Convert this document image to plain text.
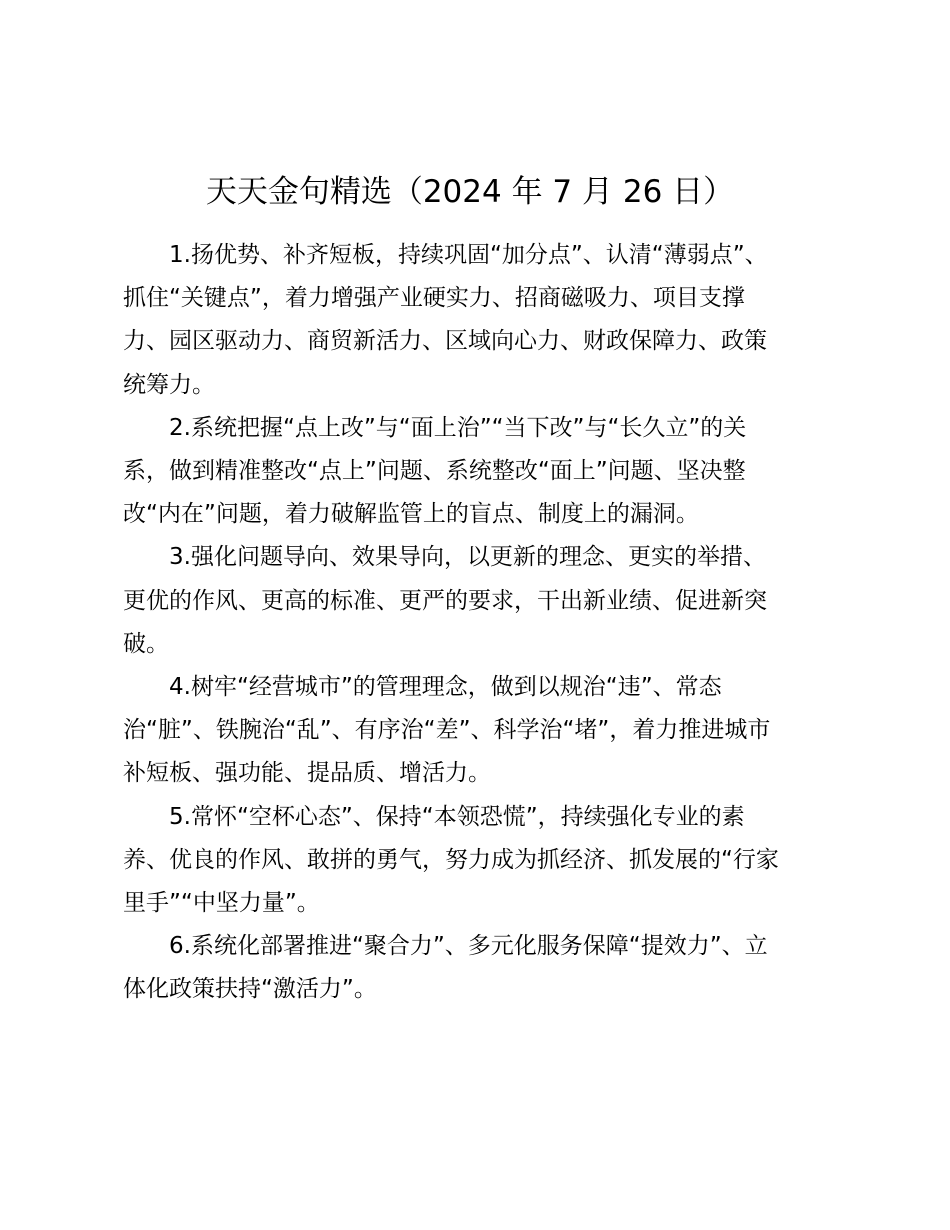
天天金句精选（2024 年 7 月 26 日）

1.扬优势、补齐短板，持续巩固“加分点”、认清“薄弱点”、
抓住“关键点”，着力增强产业硬实力、招商磁吸力、项目支撑
力、园区驱动力、商贸新活力、区域向心力、财政保障力、政策
统筹力。

2.系统把握“点上改”与“面上治”“当下改”与“长久立”的关
系，做到精准整改“点上”问题、系统整改“面上”问题、坚决整
改“内在”问题，着力破解监管上的盲点、制度上的漏洞。

3.强化问题导向、效果导向，以更新的理念、更实的举措、
更优的作风、更高的标准、更严的要求，干出新业绩、促进新突
破。

4.树牢“经营城市”的管理理念，做到以规治“违”、常态
治“脏”、铁腕治“乱”、有序治“差”、科学治“堵”，着力推进城市
补短板、强功能、提品质、增活力。

5.常怀“空杯心态”、保持“本领恐慌”，持续强化专业的素
养、优良的作风、敢拼的勇气，努力成为抓经济、抓发展的“行家
里手”“中坚力量”。

6.系统化部署推进“聚合力”、多元化服务保障“提效力”、立
体化政策扶持“激活力”。
